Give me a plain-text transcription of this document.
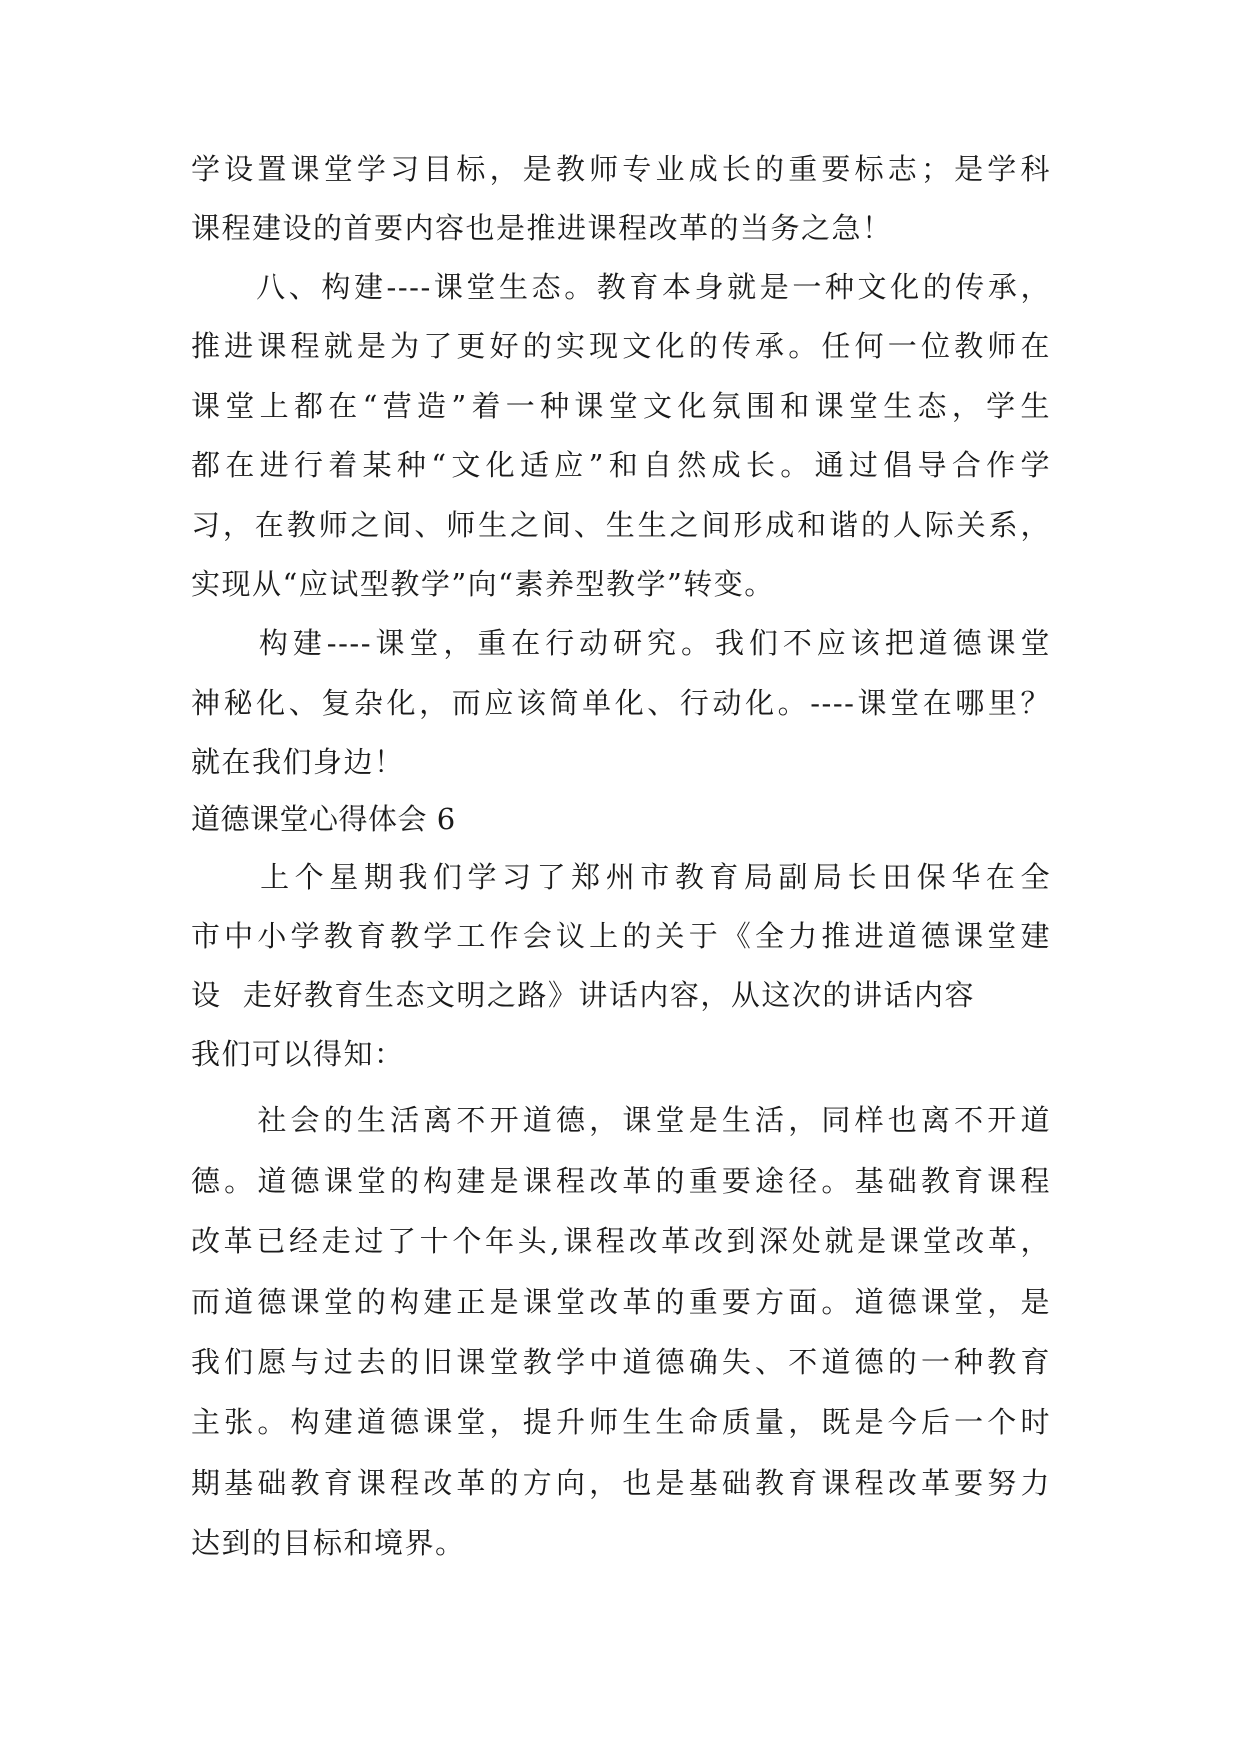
学设置课堂学习目标，是教师专业成长的重要标志；是学科
课程建设的首要内容也是推进课程改革的当务之急！
　　八、构建----课堂生态。教育本身就是一种文化的传承，
推进课程就是为了更好的实现文化的传承。任何一位教师在
课堂上都在“营造”着一种课堂文化氛围和课堂生态，学生
都在进行着某种“文化适应”和自然成长。通过倡导合作学
习，在教师之间、师生之间、生生之间形成和谐的人际关系，
实现从“应试型教学”向“素养型教学”转变。
　　构建----课堂，重在行动研究。我们不应该把道德课堂
神秘化、复杂化，而应该简单化、行动化。----课堂在哪里？
就在我们身边！
道德课堂心得体会 6
　　上个星期我们学习了郑州市教育局副局长田保华在全
市中小学教育教学工作会议上的关于《全力推进道德课堂建
设  走好教育生态文明之路》讲话内容，从这次的讲话内容
我们可以得知：
　　社会的生活离不开道德，课堂是生活，同样也离不开道
德。道德课堂的构建是课程改革的重要途径。基础教育课程
改革已经走过了十个年头,课程改革改到深处就是课堂改革，
而道德课堂的构建正是课堂改革的重要方面。道德课堂，是
我们愿与过去的旧课堂教学中道德确失、不道德的一种教育
主张。构建道德课堂，提升师生生命质量，既是今后一个时
期基础教育课程改革的方向，也是基础教育课程改革要努力
达到的目标和境界。
